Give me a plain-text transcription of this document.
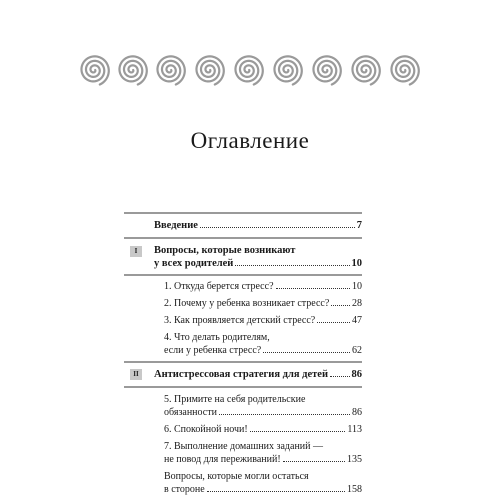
Оглавление
Введение	7
I	Вопросы, которые возникают
у всех родителей	10
1. Откуда берется стресс?	10
2. Почему у ребенка возникает стресс? 28
3. Как проявляется детский стресс?	47
4. Что делать родителям,
если у ребенка стресс?	62
II	Антистрессовая стратегия для детей 86
5. Примите на себя родительские
обязанности	86
6. Спокойной ночи!	113
7. Выполнение домашних заданий —
не повод для переживаний!	135
Вопросы, которые могли остаться
в стороне	158
